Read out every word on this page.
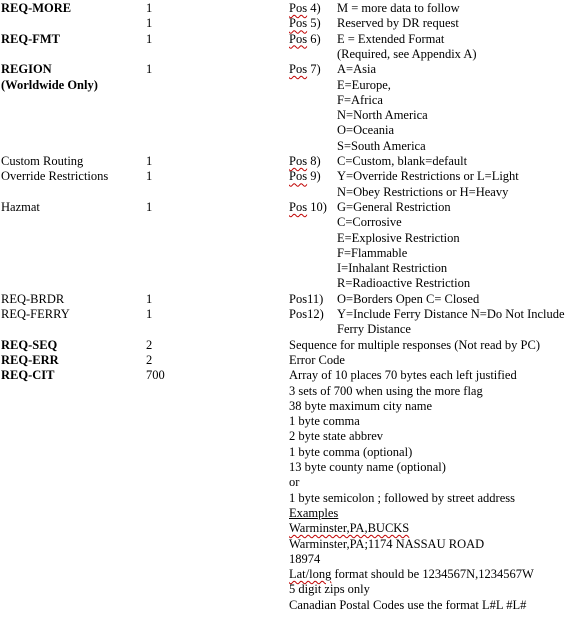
REQ-MORE	1	Pos 4) M = more data to follow
1	Pos 5) Reserved by DR request
REQ-FMT	1	Pos 6) E = Extended Format
(Required, see Appendix A)
REGION	1	Pos 7) A=Asia
(Worldwide Only)	E=Europe,
F=Africa
N=North America
O=Oceania
S=South America
Custom Routing	1	Pos 8) C=Custom, blank=default
Override Restrictions	1	Pos 9) Y=Override Restrictions or L=Light
N=Obey Restrictions or H=Heavy
Hazmat	1	Pos 10) G=General Restriction
C=Corrosive
E=Explosive Restriction
F=Flammable
I=Inhalant Restriction
R=Radioactive Restriction
REQ-BRDR	1	Pos11) O=Borders Open C= Closed
REQ-FERRY	1	Pos12) Y=Include Ferry Distance N=Do Not Include
Ferry Distance
REQ-SEQ	2	Sequence for multiple responses (Not read by PC)
REQ-ERR	2	Error Code
REQ-CIT	700	Array of 10 places 70 bytes each left justified
3 sets of 700 when using the more flag
38 byte maximum city name
1 byte comma
2 byte state abbrev
1 byte comma (optional)
13 byte county name (optional)
or
1 byte semicolon ; followed by street address
Examples
Warminster,PA,BUCKS
Warminster,PA;1174 NASSAU ROAD
18974
Lat/long format should be 1234567N,1234567W
5 digit zips only
Canadian Postal Codes use the format L#L #L#
